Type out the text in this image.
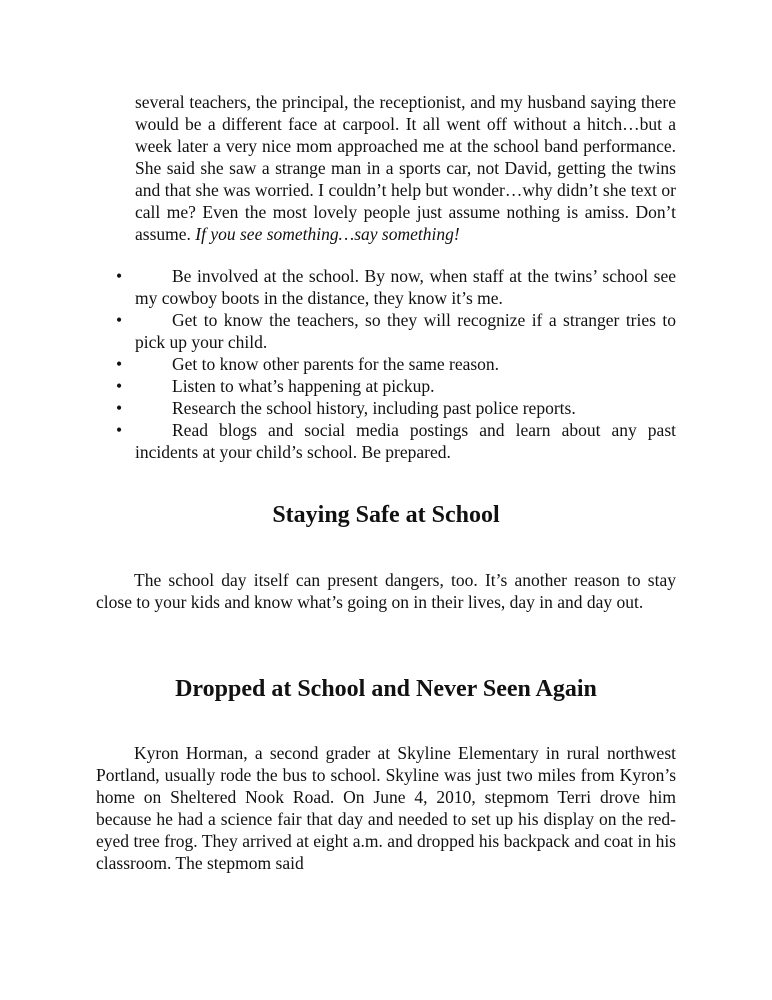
several teachers, the principal, the receptionist, and my husband saying there would be a different face at carpool. It all went off without a hitch…but a week later a very nice mom approached me at the school band performance. She said she saw a strange man in a sports car, not David, getting the twins and that she was worried. I couldn’t help but wonder…why didn’t she text or call me? Even the most lovely people just assume nothing is amiss. Don’t assume. If you see something…say something!
•	Be involved at the school. By now, when staff at the twins’ school see my cowboy boots in the distance, they know it’s me.
•	Get to know the teachers, so they will recognize if a stranger tries to pick up your child.
•	Get to know other parents for the same reason.
•	Listen to what’s happening at pickup.
•	Research the school history, including past police reports.
•	Read blogs and social media postings and learn about any past incidents at your child’s school. Be prepared.
Staying Safe at School
The school day itself can present dangers, too. It’s another reason to stay close to your kids and know what’s going on in their lives, day in and day out.
Dropped at School and Never Seen Again
Kyron Horman, a second grader at Skyline Elementary in rural northwest Portland, usually rode the bus to school. Skyline was just two miles from Kyron’s home on Sheltered Nook Road. On June 4, 2010, stepmom Terri drove him because he had a science fair that day and needed to set up his display on the red-eyed tree frog. They arrived at eight a.m. and dropped his backpack and coat in his classroom. The stepmom said
